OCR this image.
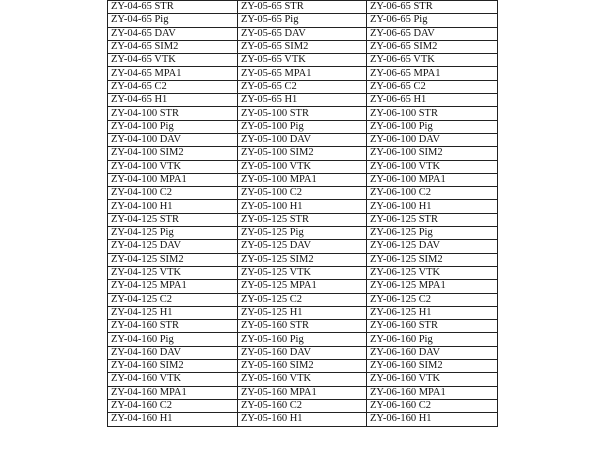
ZY-04-65 STR	ZY-05-65 STR	ZY-06-65 STR
ZY-04-65 Pig	ZY-05-65 Pig	ZY-06-65 Pig
ZY-04-65 DAV	ZY-05-65 DAV	ZY-06-65 DAV
ZY-04-65 SIM2	ZY-05-65 SIM2	ZY-06-65 SIM2
ZY-04-65 VTK	ZY-05-65 VTK	ZY-06-65 VTK
ZY-04-65 MPA1	ZY-05-65 MPA1	ZY-06-65 MPA1
ZY-04-65 C2	ZY-05-65 C2	ZY-06-65 C2
ZY-04-65 H1	ZY-05-65 H1	ZY-06-65 H1
ZY-04-100 STR	ZY-05-100 STR	ZY-06-100 STR
ZY-04-100 Pig	ZY-05-100 Pig	ZY-06-100 Pig
ZY-04-100 DAV	ZY-05-100 DAV	ZY-06-100 DAV
ZY-04-100 SIM2	ZY-05-100 SIM2	ZY-06-100 SIM2
ZY-04-100 VTK	ZY-05-100 VTK	ZY-06-100 VTK
ZY-04-100 MPA1	ZY-05-100 MPA1	ZY-06-100 MPA1
ZY-04-100 C2	ZY-05-100 C2	ZY-06-100 C2
ZY-04-100 H1	ZY-05-100 H1	ZY-06-100 H1
ZY-04-125 STR	ZY-05-125 STR	ZY-06-125 STR
ZY-04-125 Pig	ZY-05-125 Pig	ZY-06-125 Pig
ZY-04-125 DAV	ZY-05-125 DAV	ZY-06-125 DAV
ZY-04-125 SIM2	ZY-05-125 SIM2	ZY-06-125 SIM2
ZY-04-125 VTK	ZY-05-125 VTK	ZY-06-125 VTK
ZY-04-125 MPA1	ZY-05-125 MPA1	ZY-06-125 MPA1
ZY-04-125 C2	ZY-05-125 C2	ZY-06-125 C2
ZY-04-125 H1	ZY-05-125 H1	ZY-06-125 H1
ZY-04-160 STR	ZY-05-160 STR	ZY-06-160 STR
ZY-04-160 Pig	ZY-05-160 Pig	ZY-06-160 Pig
ZY-04-160 DAV	ZY-05-160 DAV	ZY-06-160 DAV
ZY-04-160 SIM2	ZY-05-160 SIM2	ZY-06-160 SIM2
ZY-04-160 VTK	ZY-05-160 VTK	ZY-06-160 VTK
ZY-04-160 MPA1	ZY-05-160 MPA1	ZY-06-160 MPA1
ZY-04-160 C2	ZY-05-160 C2	ZY-06-160 C2
ZY-04-160 H1	ZY-05-160 H1	ZY-06-160 H1
